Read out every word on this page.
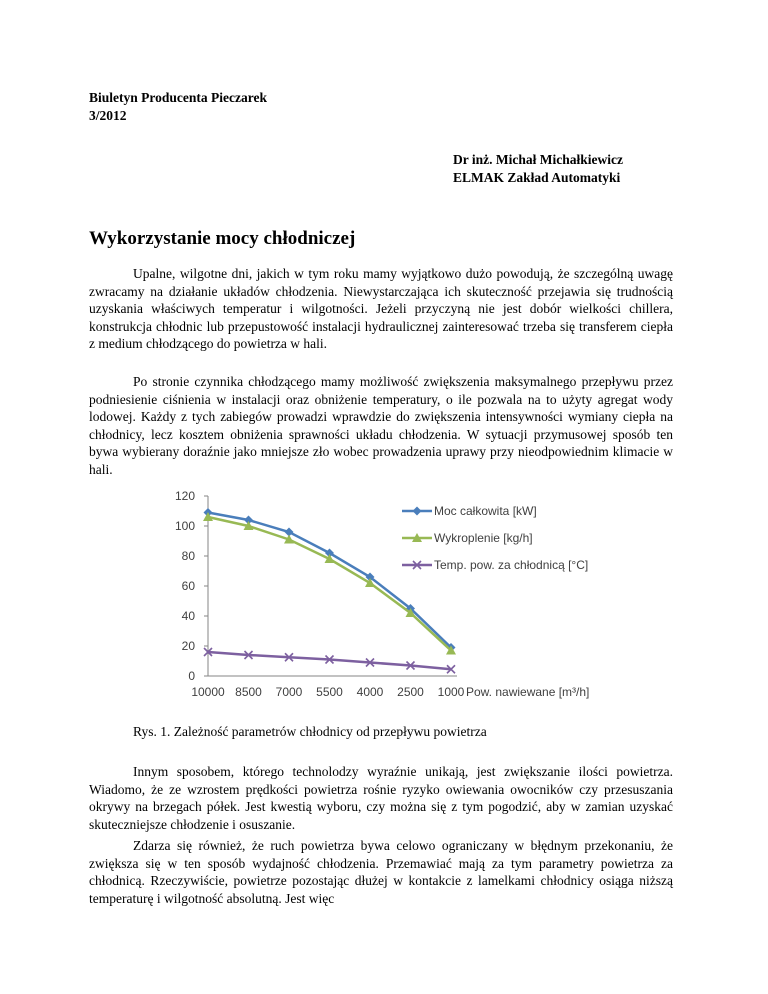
Biuletyn Producenta Pieczarek
3/2012
Dr inż. Michał Michałkiewicz
ELMAK Zakład Automatyki
Wykorzystanie mocy chłodniczej

Upalne, wilgotne dni, jakich w tym roku mamy wyjątkowo dużo powodują, że szczególną uwagę zwracamy na działanie układów chłodzenia. Niewystarczająca ich skuteczność przejawia się trudnością uzyskania właściwych temperatur i wilgotności. Jeżeli przyczyną nie jest dobór wielkości chillera, konstrukcja chłodnic lub przepustowość instalacji hydraulicznej zainteresować trzeba się transferem ciepła z medium chłodzącego do powietrza w hali.

Po stronie czynnika chłodzącego mamy możliwość zwiększenia maksymalnego przepływu przez podniesienie ciśnienia w instalacji oraz obniżenie temperatury, o ile pozwala na to użyty agregat wody lodowej. Każdy z tych zabiegów prowadzi wprawdzie do zwiększenia intensywności wymiany ciepła na chłodnicy, lecz kosztem obniżenia sprawności układu chłodzenia. W sytuacji przymusowej sposób ten bywa wybierany doraźnie jako mniejsze zło wobec prowadzenia uprawy przy nieodpowiednim klimacie w hali.

0
20
40
60
80
100
120
10000 8500 7000 5500 4000 2500 1000 Pow. nawiewane [m³/h]
Moc całkowita [kW]
Wykroplenie [kg/h]
Temp. pow. za chłodnicą [°C]
Rys. 1. Zależność parametrów chłodnicy od przepływu powietrza

Innym sposobem, którego technolodzy wyraźnie unikają, jest zwiększanie ilości powietrza. Wiadomo, że ze wzrostem prędkości powietrza rośnie ryzyko owiewania owocników czy przesuszania okrywy na brzegach półek. Jest kwestią wyboru, czy można się z tym pogodzić, aby w zamian uzyskać skuteczniejsze chłodzenie i osuszanie.

Zdarza się również, że ruch powietrza bywa celowo ograniczany w błędnym przekonaniu, że zwiększa się w ten sposób wydajność chłodzenia. Przemawiać mają za tym parametry powietrza za chłodnicą. Rzeczywiście, powietrze pozostając dłużej w kontakcie z lamelkami chłodnicy osiąga niższą temperaturę i wilgotność absolutną. Jest więc
